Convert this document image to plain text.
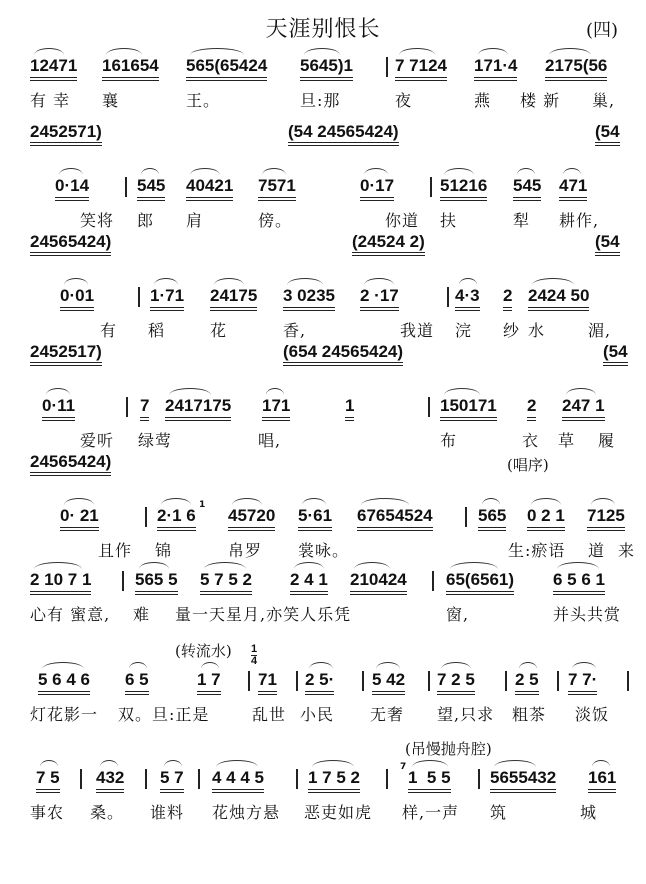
天涯别恨长	(四)
12471 161654 565(65424 5645)1 7 7124 171·4 2175(56
有 幸 襄	王。	旦:那	夜	燕 楼 新 巢,
2452571)	(54 24565424)	(54
0·14	545 40421 7571	0·17	51216 545 471
笑将 郎 肩	傍。	你道 扶	犁 耕作,
24565424)	(24524 2)	(54
0·01	1·71 24175 3 0235 2 ·17	4·3 2 2424 50
有 稻	花	香,	我道 浣 纱 水	湄,
2452517)	(654 24565424)	(54
0·11	7 2417175 171	1	150171 2 247 1
爱听 绿莺	唱,	布	衣 草 履
24565424)	(唱序)
1
0· 21	2·1 6 45720 5·61 67654524	565 0 2 1 7125
且作 锦	帛罗 裳咏。	生:瘀语 道 来
2 10 7 1	565 5 5 7 5 2 2 4 1 210424 65(6561) 6 5 6 1
心有 蜜意, 难 量一天星月,亦笑人乐凭	窗,	并头共赏
(转流水) $\frac{1}{4}$
5 6 4 6 6 5	1 7 71 2 5· 5 42 7 2 5 2 5 7 7·
灯花影一 双。旦:正是	乱世 小民 无奢 望,只求 粗茶 淡饭
(吊慢抛舟腔)
7
7 5 432 5 7 4 4 4 5	1 7 5 2	1  5 5 5655432 161
事农 桑。 谁料 花烛方悬 恶吏如虎 样,一声 筑	城
